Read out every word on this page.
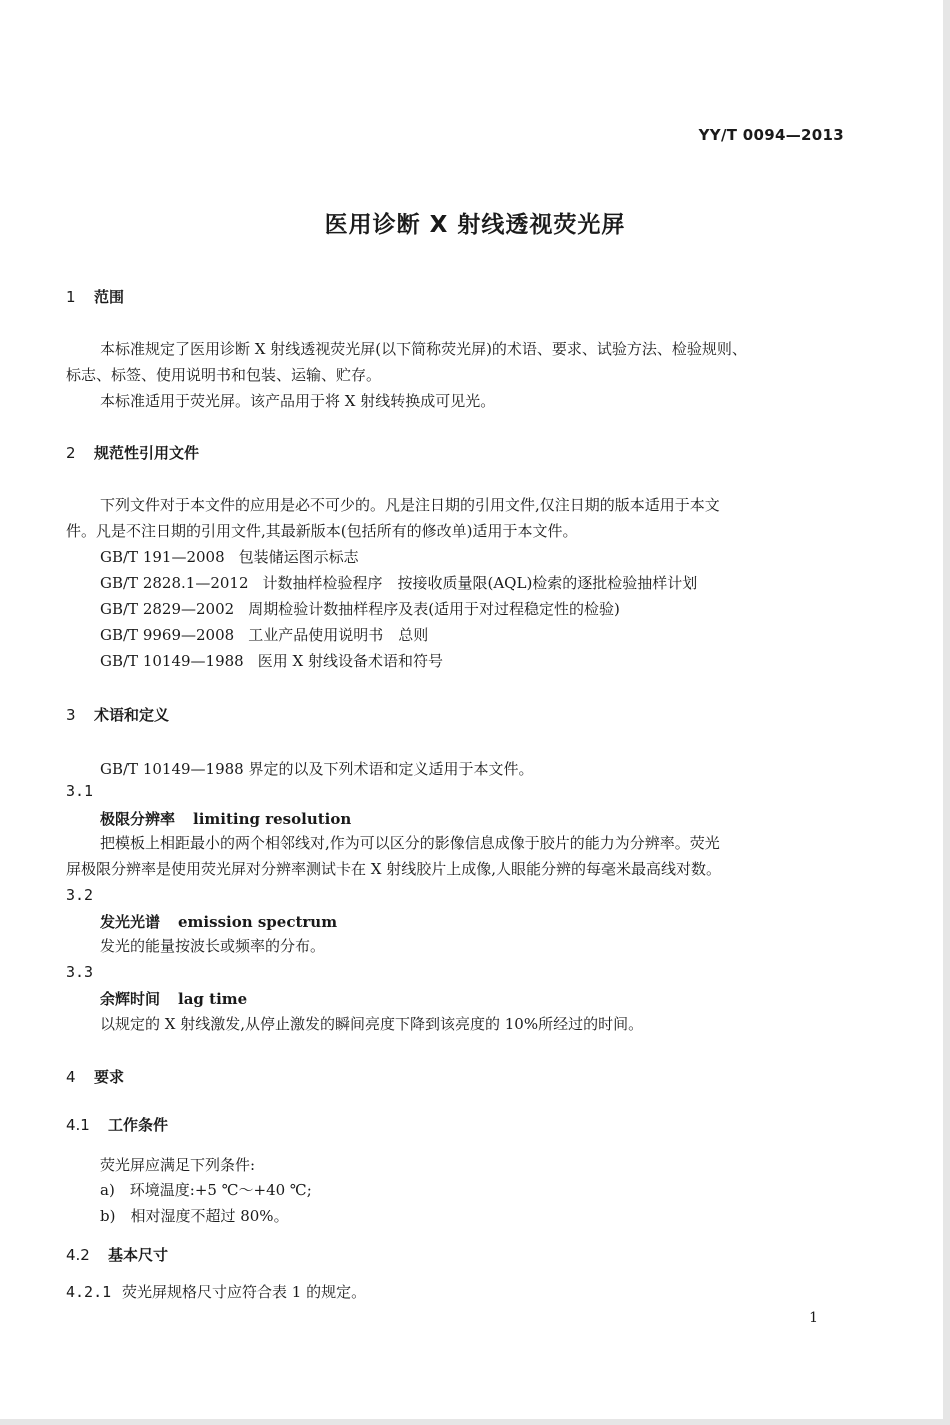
YY/T 0094—2013
医用诊断 X 射线透视荧光屏
1 范围
本标准规定了医用诊断 X 射线透视荧光屏(以下简称荧光屏)的术语、要求、试验方法、检验规则、
标志、标签、使用说明书和包装、运输、贮存。
本标准适用于荧光屏。该产品用于将 X 射线转换成可见光。
2 规范性引用文件
下列文件对于本文件的应用是必不可少的。凡是注日期的引用文件,仅注日期的版本适用于本文
件。凡是不注日期的引用文件,其最新版本(包括所有的修改单)适用于本文件。
GB/T 191—2008 包装储运图示标志
GB/T 2828.1—2012 计数抽样检验程序　按接收质量限(AQL)检索的逐批检验抽样计划
GB/T 2829—2002 周期检验计数抽样程序及表(适用于对过程稳定性的检验)
GB/T 9969—2008 工业产品使用说明书　总则
GB/T 10149—1988 医用 X 射线设备术语和符号
3 术语和定义
GB/T 10149—1988 界定的以及下列术语和定义适用于本文件。
3.1
极限分辨率 limiting resolution
把模板上相距最小的两个相邻线对,作为可以区分的影像信息成像于胶片的能力为分辨率。荧光
屏极限分辨率是使用荧光屏对分辨率测试卡在 X 射线胶片上成像,人眼能分辨的每毫米最高线对数。
3.2
发光光谱 emission spectrum
发光的能量按波长或频率的分布。
3.3
余辉时间 lag time
以规定的 X 射线激发,从停止激发的瞬间亮度下降到该亮度的 10%所经过的时间。
4 要求
4.1 工作条件
荧光屏应满足下列条件:
a)　环境温度:+5 ℃～+40 ℃;
b)　相对湿度不超过 80%。
4.2 基本尺寸
4.2.1 荧光屏规格尺寸应符合表 1 的规定。
1
